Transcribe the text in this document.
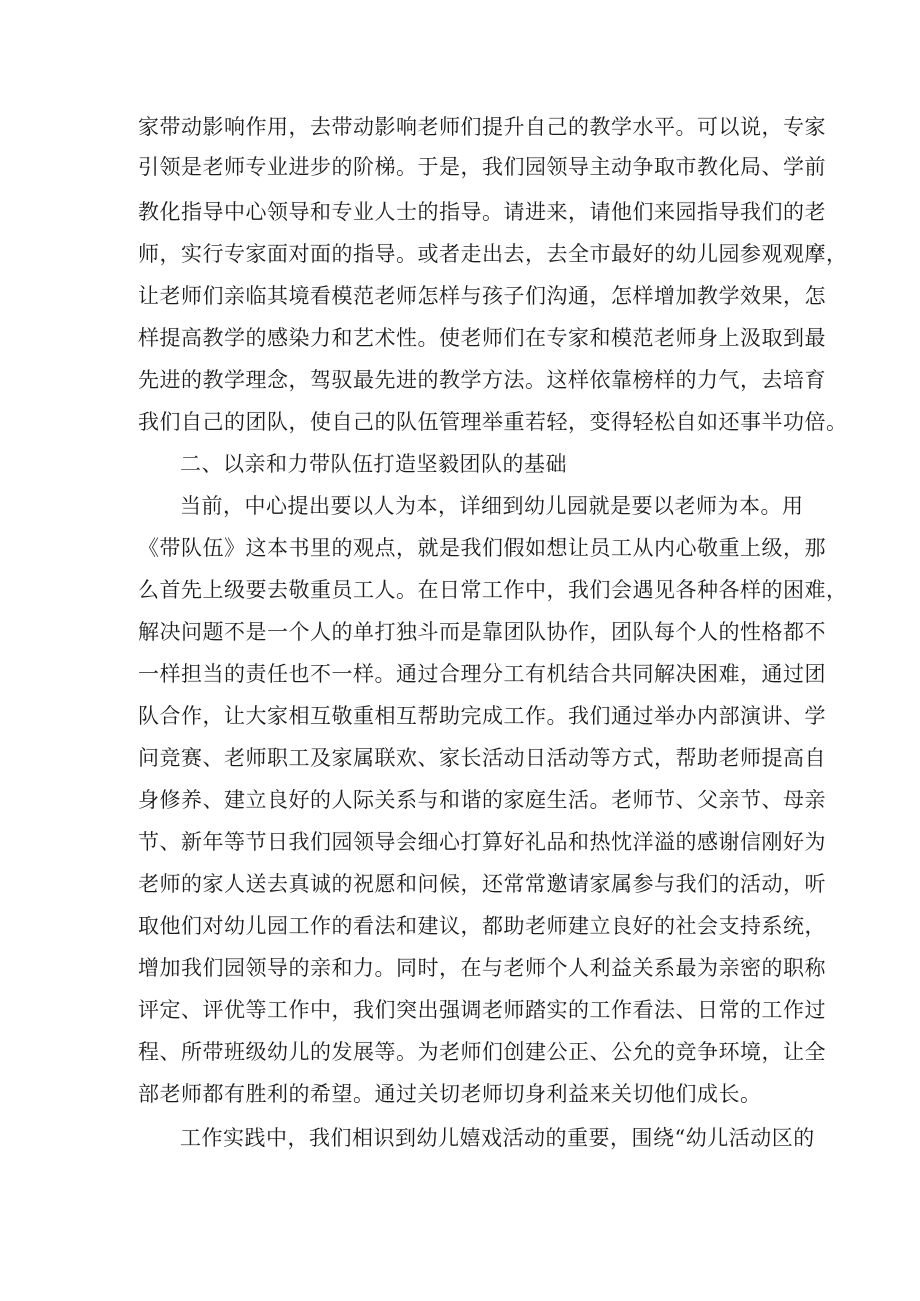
家带动影响作用，去带动影响老师们提升自己的教学水平。可以说，专家
引领是老师专业进步的阶梯。于是，我们园领导主动争取市教化局、学前
教化指导中心领导和专业人士的指导。请进来，请他们来园指导我们的老
师，实行专家面对面的指导。或者走出去，去全市最好的幼儿园参观观摩，
让老师们亲临其境看模范老师怎样与孩子们沟通，怎样增加教学效果，怎
样提高教学的感染力和艺术性。使老师们在专家和模范老师身上汲取到最
先进的教学理念，驾驭最先进的教学方法。这样依靠榜样的力气，去培育
我们自己的团队，使自己的队伍管理举重若轻，变得轻松自如还事半功倍。
二、以亲和力带队伍打造坚毅团队的基础
当前，中心提出要以人为本，详细到幼儿园就是要以老师为本。用
《带队伍》这本书里的观点，就是我们假如想让员工从内心敬重上级，那
么首先上级要去敬重员工人。在日常工作中，我们会遇见各种各样的困难，
解决问题不是一个人的单打独斗而是靠团队协作，团队每个人的性格都不
一样担当的责任也不一样。通过合理分工有机结合共同解决困难，通过团
队合作，让大家相互敬重相互帮助完成工作。我们通过举办内部演讲、学
问竞赛、老师职工及家属联欢、家长活动日活动等方式，帮助老师提高自
身修养、建立良好的人际关系与和谐的家庭生活。老师节、父亲节、母亲
节、新年等节日我们园领导会细心打算好礼品和热忱洋溢的感谢信刚好为
老师的家人送去真诚的祝愿和问候，还常常邀请家属参与我们的活动，听
取他们对幼儿园工作的看法和建议，都助老师建立良好的社会支持系统，
增加我们园领导的亲和力。同时，在与老师个人利益关系最为亲密的职称
评定、评优等工作中，我们突出强调老师踏实的工作看法、日常的工作过
程、所带班级幼儿的发展等。为老师们创建公正、公允的竞争环境，让全
部老师都有胜利的希望。通过关切老师切身利益来关切他们成长。
工作实践中，我们相识到幼儿嬉戏活动的重要，围绕“幼儿活动区的
